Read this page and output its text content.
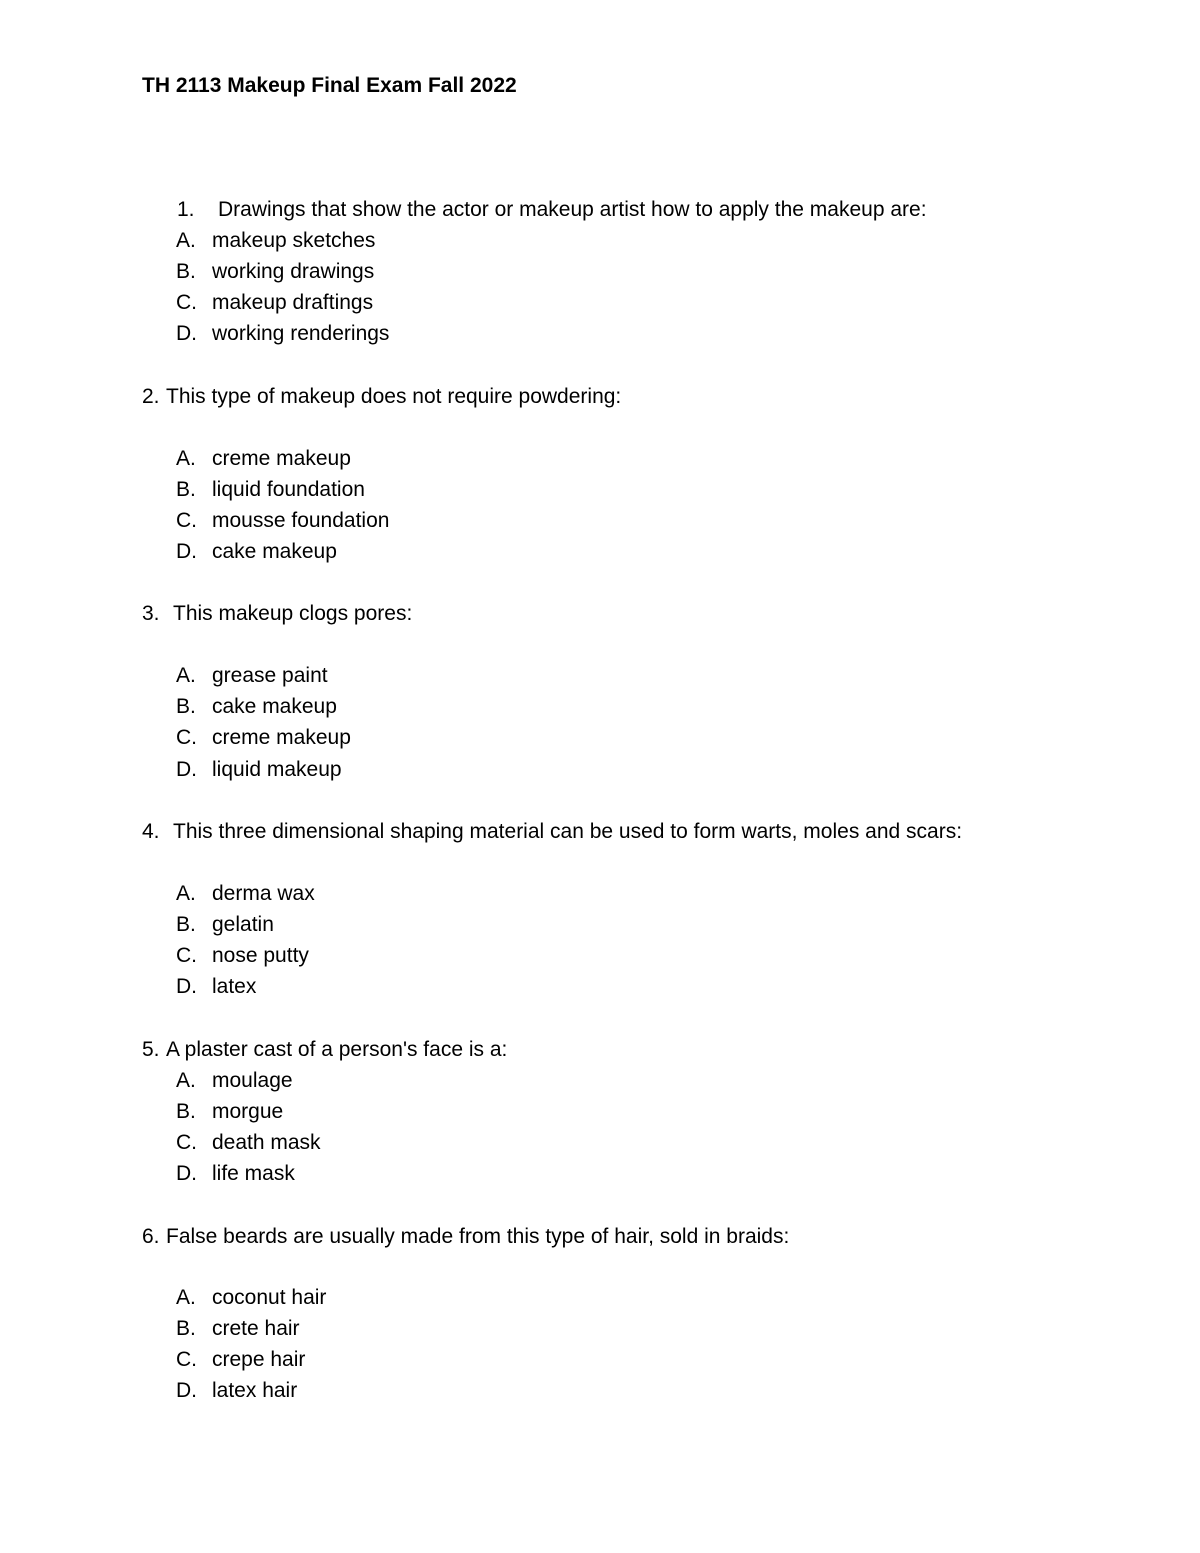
TH 2113 Makeup Final Exam Fall 2022
1. Drawings that show the actor or makeup artist how to apply the makeup are:
A. makeup sketches
B. working drawings
C. makeup draftings
D. working renderings
2. This type of makeup does not require powdering:
A. creme makeup
B. liquid foundation
C. mousse foundation
D. cake makeup
3. This makeup clogs pores:
A. grease paint
B. cake makeup
C. creme makeup
D. liquid makeup
4. This three dimensional shaping material can be used to form warts, moles and scars:
A. derma wax
B. gelatin
C. nose putty
D. latex
5. A plaster cast of a person's face is a:
A. moulage
B. morgue
C. death mask
D. life mask
6. False beards are usually made from this type of hair, sold in braids:
A. coconut hair
B. crete hair
C. crepe hair
D. latex hair
